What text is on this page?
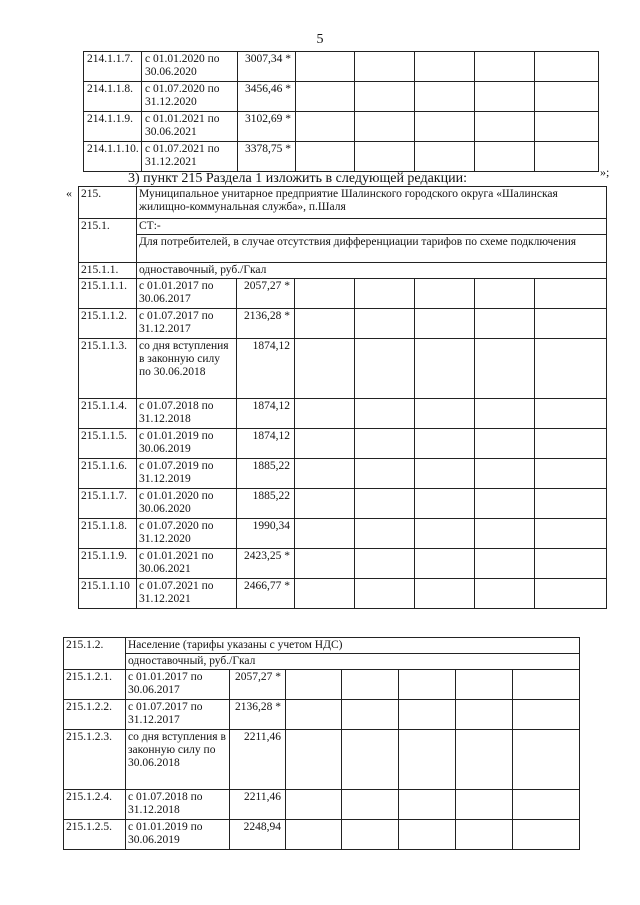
5
214.1.1.7.	с 01.01.2020 по 30.06.2020	3007,34 *					
214.1.1.8.	с 01.07.2020 по 31.12.2020	3456,46 *					
214.1.1.9.	с 01.01.2021 по 30.06.2021	3102,69 *					
214.1.1.10.	с 01.07.2021 по 31.12.2021	3378,75 *					
»;
3) пункт 215 Раздела 1 изложить в следующей редакции:
« 215.	Муниципальное унитарное предприятие Шалинского городского округа «Шалинская жилищно-коммунальная служба», п.Шаля						
215.1.	СТ:-						
	Для потребителей, в случае отсутствия дифференциации тарифов по схеме подключения						
215.1.1.	одноставочный, руб./Гкал						
215.1.1.1.	с 01.01.2017 по 30.06.2017	2057,27 *					
215.1.1.2.	с 01.07.2017 по 31.12.2017	2136,28 *					
215.1.1.3.	со дня вступления в законную силу по 30.06.2018	1874,12					
215.1.1.4.	с 01.07.2018 по 31.12.2018	1874,12					
215.1.1.5.	с 01.01.2019 по 30.06.2019	1874,12					
215.1.1.6.	с 01.07.2019 по 31.12.2019	1885,22					
215.1.1.7.	с 01.01.2020 по 30.06.2020	1885,22					
215.1.1.8.	с 01.07.2020 по 31.12.2020	1990,34					
215.1.1.9.	с 01.01.2021 по 30.06.2021	2423,25 *					
215.1.1.10	с 01.07.2021 по 31.12.2021	2466,77 *					
215.1.2.	Население (тарифы указаны с учетом НДС)						
	одноставочный, руб./Гкал						
215.1.2.1.	с 01.01.2017 по 30.06.2017	2057,27 *					
215.1.2.2.	с 01.07.2017 по 31.12.2017	2136,28 *					
215.1.2.3.	со дня вступления в законную силу по 30.06.2018	2211,46					
215.1.2.4.	с 01.07.2018 по 31.12.2018	2211,46					
215.1.2.5.	с 01.01.2019 по 30.06.2019	2248,94					
